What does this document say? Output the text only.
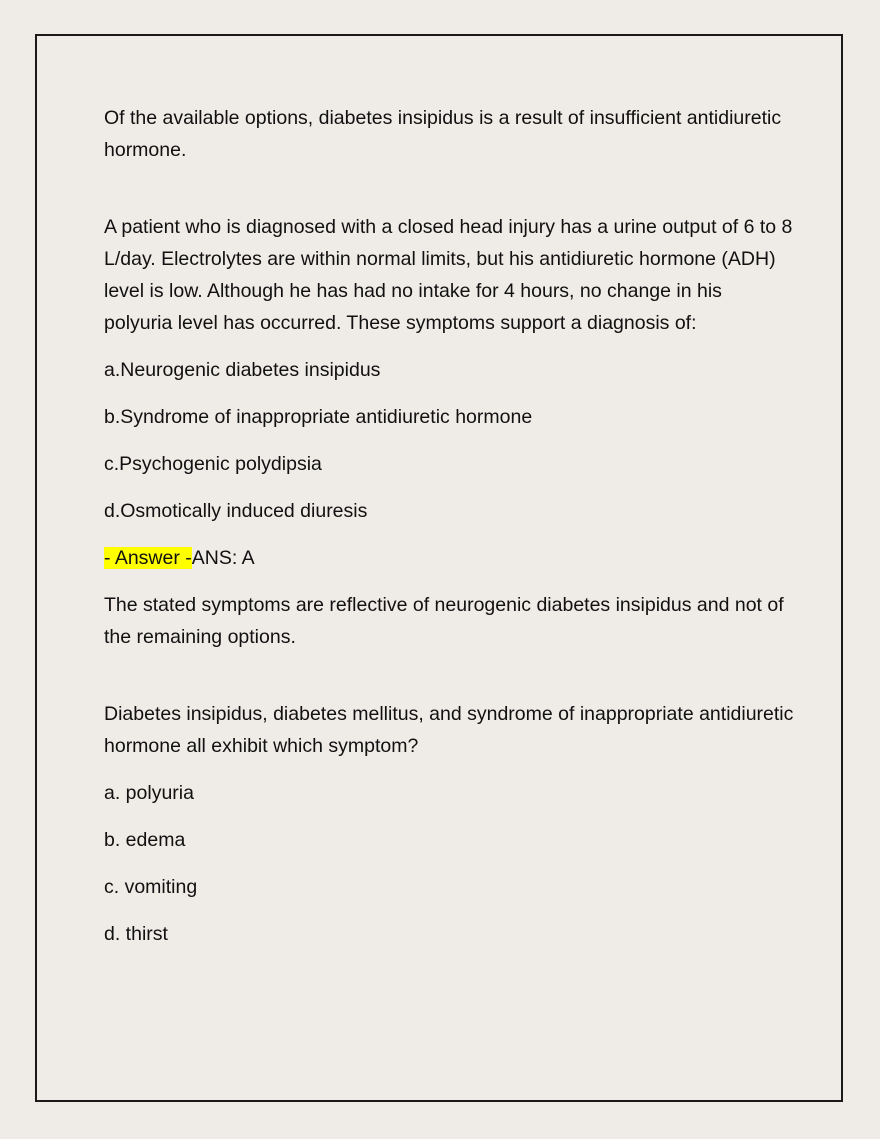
Of the available options, diabetes insipidus is a result of insufficient antidiuretic hormone.

A patient who is diagnosed with a closed head injury has a urine output of 6 to 8 L/day. Electrolytes are within normal limits, but his antidiuretic hormone (ADH) level is low. Although he has had no intake for 4 hours, no change in his polyuria level has occurred. These symptoms support a diagnosis of:

a.Neurogenic diabetes insipidus

b.Syndrome of inappropriate antidiuretic hormone

c.Psychogenic polydipsia

d.Osmotically induced diuresis

- Answer -ANS: A

The stated symptoms are reflective of neurogenic diabetes insipidus and not of the remaining options.

Diabetes insipidus, diabetes mellitus, and syndrome of inappropriate antidiuretic hormone all exhibit which symptom?

a. polyuria

b. edema

c. vomiting

d. thirst
